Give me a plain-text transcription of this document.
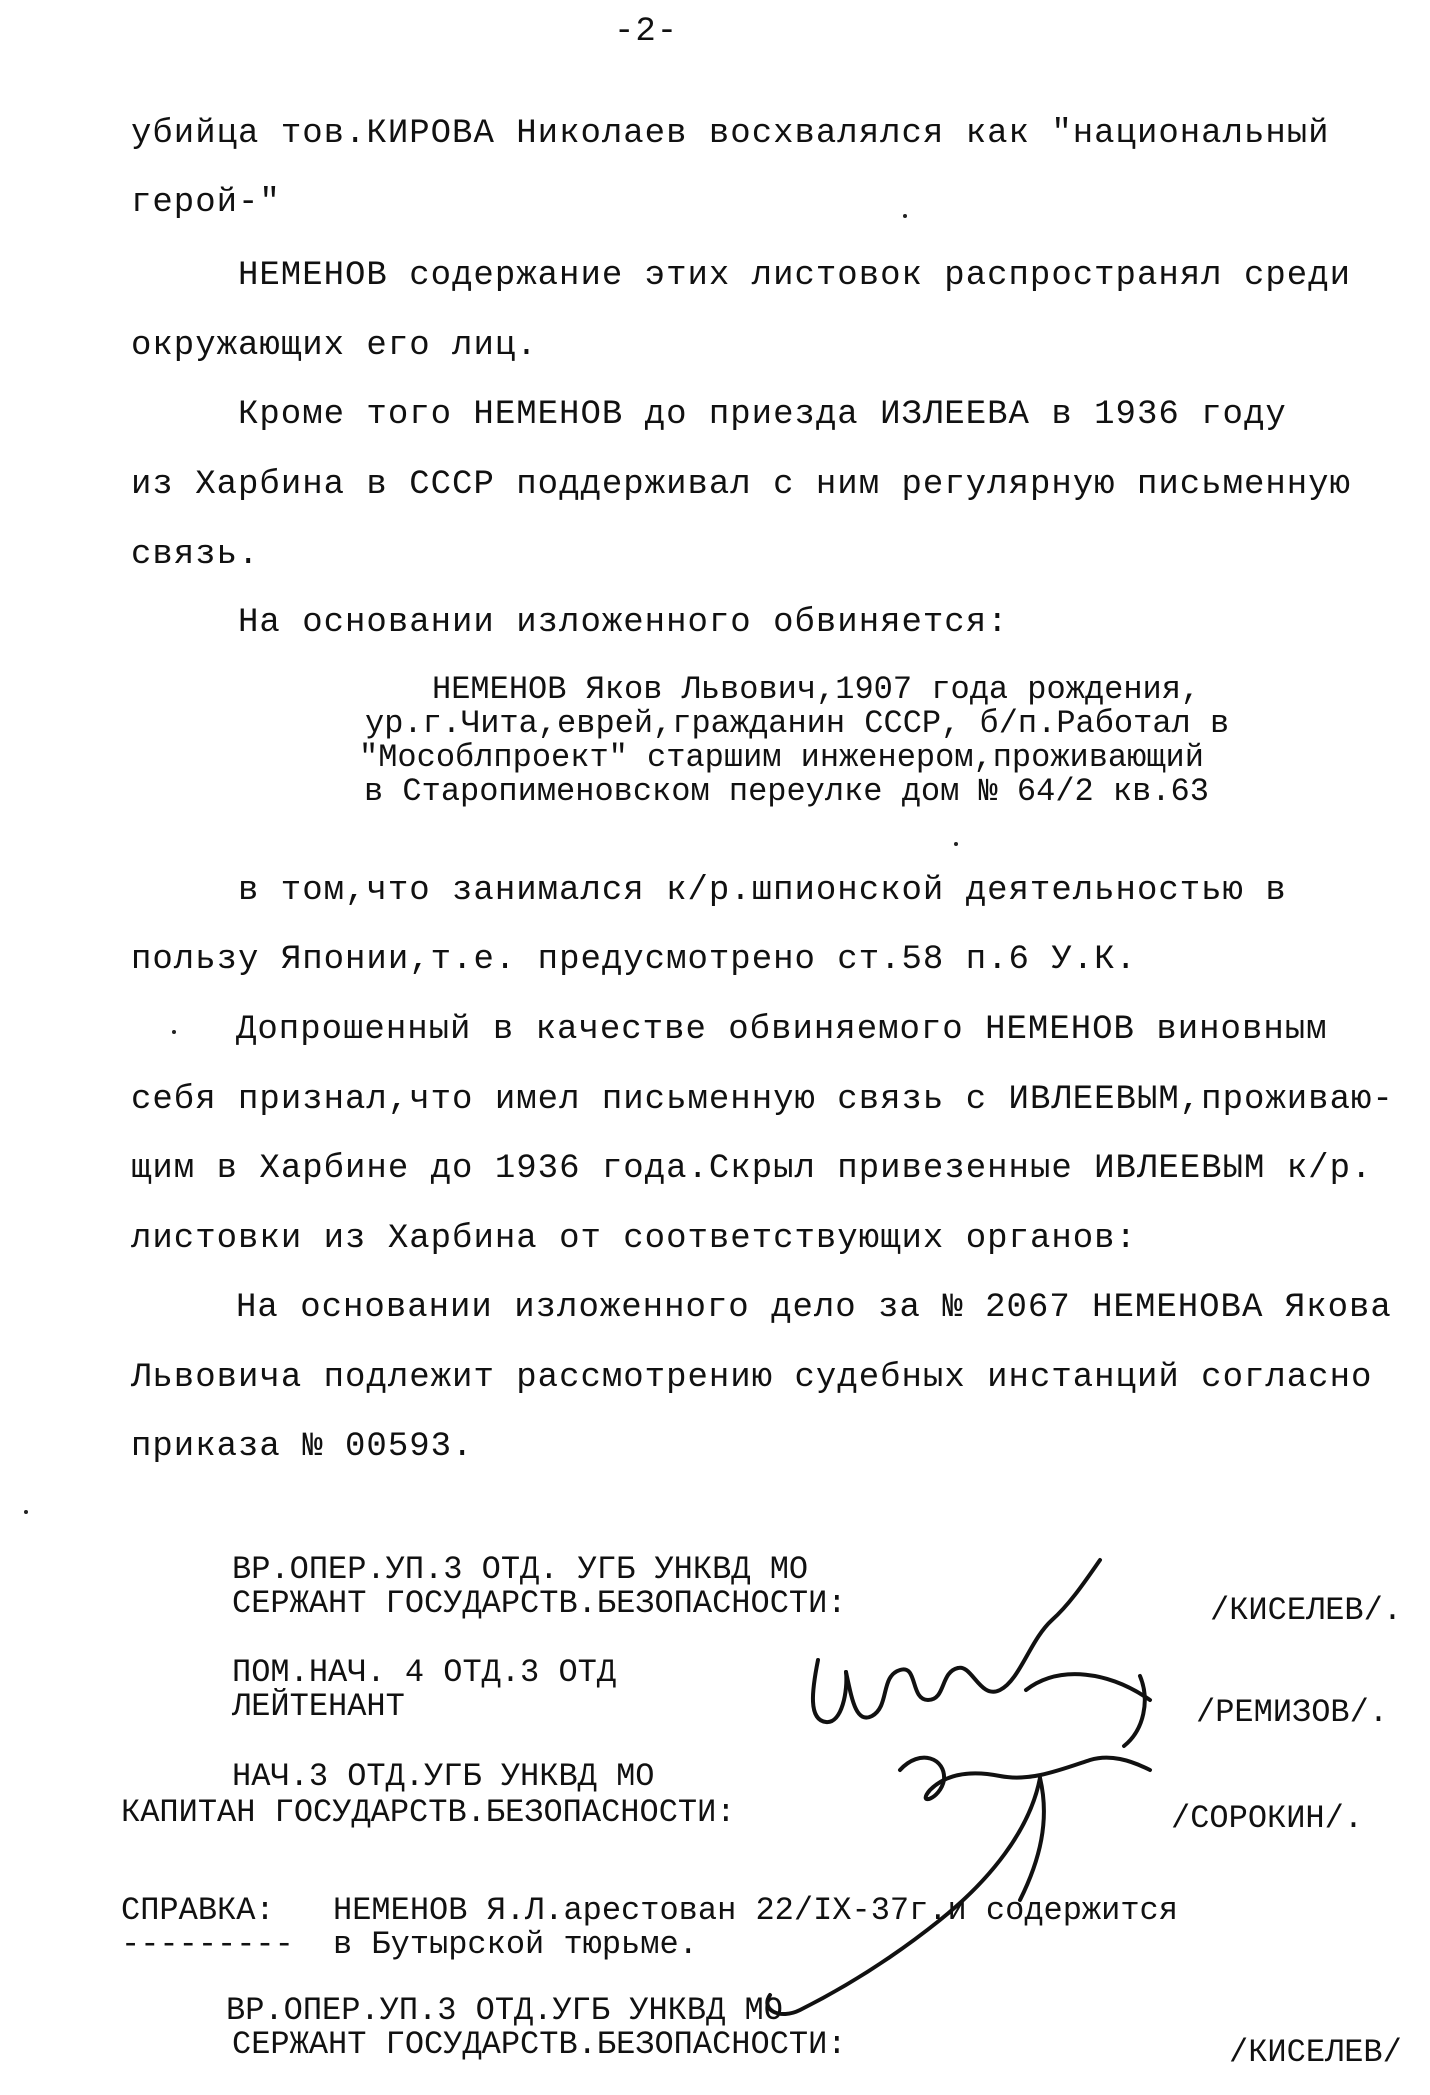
-2-
убийца тов.КИРОВА Николаев восхвалялся как "национальный
герой-"
НЕМЕНОВ содержание этих листовок распространял среди
окружающих его лиц.
Кроме того НЕМЕНОВ до приезда ИЗЛЕЕВА в 1936 году
из Харбина в СССР поддерживал с ним регулярную письменную
связь.
На основании изложенного обвиняется:
НЕМЕНОВ Яков Львович,1907 года рождения,
ур.г.Чита,еврей,гражданин СССР, б/п.Работал в
"Мособлпроект" старшим инженером,проживающий
в Старопименовском переулке дом № 64/2 кв.63
в том,что занимался к/р.шпионской деятельностью в
пользу Японии,т.е. предусмотрено ст.58 п.6 У.К.
Допрошенный в качестве обвиняемого НЕМЕНОВ виновным
себя признал,что имел письменную связь с ИВЛЕЕВЫМ,проживаю-
щим в Харбине до 1936 года.Скрыл привезенные ИВЛЕЕВЫМ к/р.
листовки из Харбина от соответствующих органов:
На основании изложенного дело за № 2067 НЕМЕНОВА Якова
Львовича подлежит рассмотрению судебных инстанций согласно
приказа № 00593.
ВР.ОПЕР.УП.3 ОТД. УГБ УНКВД МО
СЕРЖАНТ ГОСУДАРСТВ.БЕЗОПАСНОСТИ:	/КИСЕЛЕВ/.
ПОМ.НАЧ. 4 ОТД.3 ОТД
ЛЕЙТЕНАНТ	/РЕМИЗОВ/.
НАЧ.3 ОТД.УГБ УНКВД МО
КАПИТАН ГОСУДАРСТВ.БЕЗОПАСНОСТИ:	/СОРОКИН/.
СПРАВКА: НЕМЕНОВ Я.Л.арестован 22/IХ-37г.и содержится
--------- в Бутырской тюрьме.
ВР.ОПЕР.УП.3 ОТД.УГБ УНКВД МО
СЕРЖАНТ ГОСУДАРСТВ.БЕЗОПАСНОСТИ:	/КИСЕЛЕВ/
